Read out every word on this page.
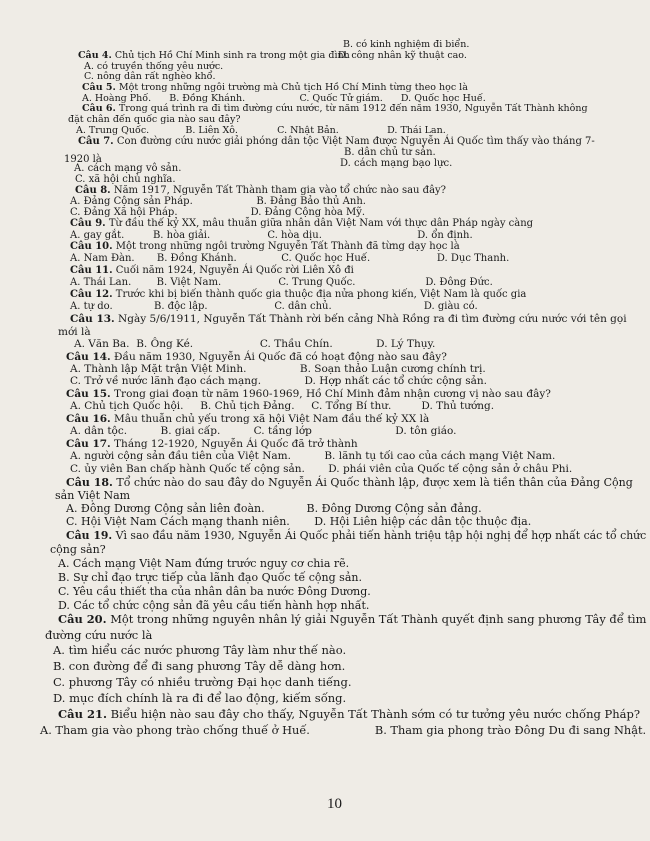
B. có kinh nghiệm đi biển.
Câu 4. Chủ tịch Hồ Chí Minh sinh ra trong một gia đình
D. công nhân kỹ thuật cao.
A. có truyền thống yêu nước.
C. nông dân rất nghèo khổ.
Câu 5. Một trong những ngôi trường mà Chủ tịch Hồ Chí Minh từng theo học là
A. Hoàng Phố.      B. Đồng Khánh.                  C. Quốc Tử giám.      D. Quốc học Huế.
Câu 6. Trong quá trình ra đi tìm đường cứu nước, từ năm 1912 đến năm 1930, Nguyễn Tất Thành không
đặt chân đến quốc gia nào sau đây?
A. Trung Quốc.            B. Liên Xô.             C. Nhật Bản.                D. Thái Lan.
Câu 7. Con đường cứu nước giải phóng dân tộc Việt Nam được Nguyễn Ái Quốc tìm thấy vào tháng 7-
1920 là
B. dân chủ tư sản.
A. cách mạng vô sản.	D. cách mạng bạo lực.
C. xã hội chủ nghĩa.
Câu 8. Năm 1917, Nguyễn Tất Thành tham gia vào tổ chức nào sau đây?
A. Đảng Cộng sản Pháp.                    B. Đảng Bảo thủ Anh.
C. Đảng Xã hội Pháp.                       D. Đảng Cộng hòa Mỹ.
Câu 9. Từ đầu thế kỷ XX, mâu thuẫn giữa nhân dân Việt Nam với thực dân Pháp ngày càng
A. gay gắt.         B. hòa giải.                  C. hòa dịu.                              D. ổn định.
Câu 10. Một trong những ngôi trường Nguyễn Tất Thành đã từng dạy học là
A. Nam Đàn.       B. Đồng Khánh.              C. Quốc học Huế.                     D. Dục Thanh.
Câu 11. Cuối năm 1924, Nguyễn Ái Quốc rời Liên Xô đi
A. Thái Lan.        B. Việt Nam.                  C. Trung Quốc.                      D. Đông Đức.
Câu 12. Trước khi bị biến thành quốc gia thuộc địa nửa phong kiến, Việt Nam là quốc gia
A. tự do.             B. độc lập.                     C. dân chủ.                             D. giàu có.
Câu 13. Ngày 5/6/1911, Nguyễn Tất Thành rời bến cảng Nhà Rồng ra đi tìm đường cứu nước với tên gọi
mới là
A. Văn Ba.  B. Ông Ké.                    C. Thầu Chín.             D. Lý Thụy.
Câu 14. Đầu năm 1930, Nguyễn Ái Quốc đã có hoạt động nào sau đây?
A. Thành lập Mặt trận Việt Minh.                B. Soạn thảo Luận cương chính trị.
C. Trở về nước lãnh đạo cách mạng.             D. Hợp nhất các tổ chức cộng sản.
Câu 15. Trong giai đoạn từ năm 1960-1969, Hồ Chí Minh đảm nhận cương vị nào sau đây?
A. Chủ tịch Quốc hội.     B. Chủ tịch Đảng.     C. Tổng Bí thư.         D. Thủ tướng.
Câu 16. Mâu thuẫn chủ yếu trong xã hội Việt Nam đầu thế kỷ XX là
A. dân tộc.          B. giai cấp.          C. tầng lớp                         D. tôn giáo.
Câu 17. Tháng 12-1920, Nguyễn Ái Quốc đã trở thành
A. người cộng sản đầu tiên của Việt Nam.          B. lãnh tụ tối cao của cách mạng Việt Nam.
C. ủy viên Ban chấp hành Quốc tế cộng sản.       D. phái viên của Quốc tế cộng sản ở châu Phi.
Câu 18. Tổ chức nào do sau đây do Nguyễn Ái Quốc thành lập, được xem là tiền thân của Đảng Cộng
sản Việt Nam
A. Đông Dương Cộng sản liên đoàn.            B. Đông Dương Cộng sản đảng.
C. Hội Việt Nam Cách mạng thanh niên.       D. Hội Liên hiệp các dân tộc thuộc địa.
Câu 19. Vì sao đầu năm 1930, Nguyễn Ái Quốc phải tiến hành triệu tập hội nghị để hợp nhất các tổ chức
cộng sản?
A. Cách mạng Việt Nam đứng trước nguy cơ chia rẽ.
B. Sự chỉ đạo trực tiếp của lãnh đạo Quốc tế cộng sản.
C. Yêu cầu thiết tha của nhân dân ba nước Đông Dương.
D. Các tổ chức cộng sản đã yêu cầu tiến hành hợp nhất.
Câu 20. Một trong những nguyên nhân lý giải Nguyễn Tất Thành quyết định sang phương Tây để tìm
đường cứu nước là
A. tìm hiểu các nước phương Tây làm như thế nào.
B. con đường để đi sang phương Tây dễ dàng hơn.
C. phương Tây có nhiều trường Đại học danh tiếng.
D. mục đích chính là ra đi để lao động, kiếm sống.
Câu 21. Biểu hiện nào sau đây cho thấy, Nguyễn Tất Thành sớm có tư tưởng yêu nước chống Pháp?
A. Tham gia vào phong trào chống thuế ở Huế.                  B. Tham gia phong trào Đông Du đi sang Nhật.
10
